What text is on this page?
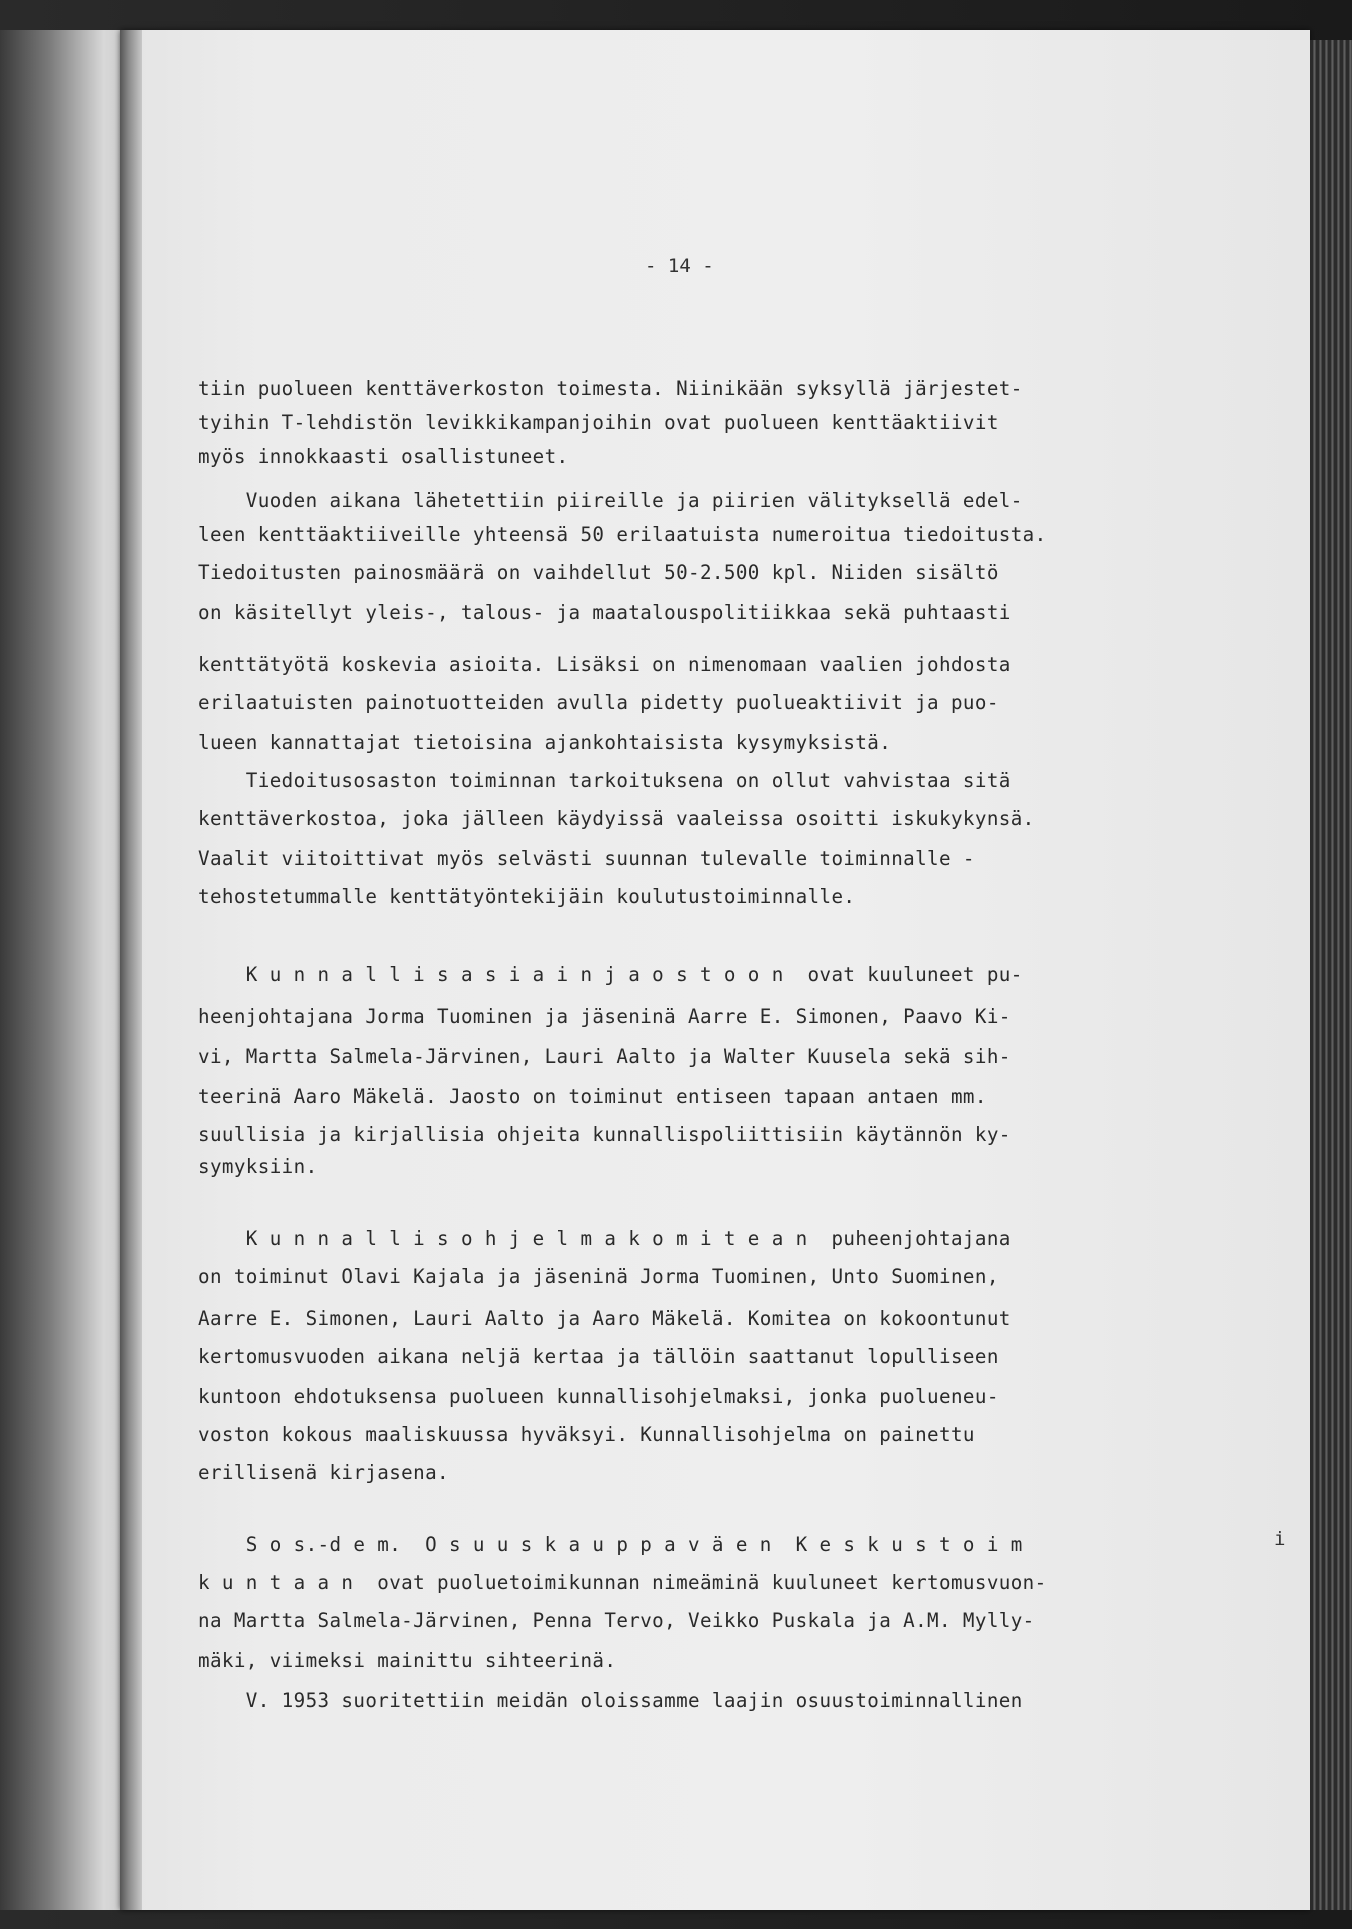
- 14 -
tiin puolueen kenttäverkoston toimesta. Niinikään syksyllä järjestet-
tyihin T-lehdistön levikkikampanjoihin ovat puolueen kenttäaktiivit
myös innokkaasti osallistuneet.
Vuoden aikana lähetettiin piireille ja piirien välityksellä edel-
leen kenttäaktiiveille yhteensä 50 erilaatuista numeroitua tiedoitusta.
Tiedoitusten painosmäärä on vaihdellut 50-2.500 kpl. Niiden sisältö
on käsitellyt yleis-, talous- ja maatalouspolitiikkaa sekä puhtaasti
kenttätyötä koskevia asioita. Lisäksi on nimenomaan vaalien johdosta
erilaatuisten painotuotteiden avulla pidetty puolueaktiivit ja puo-
lueen kannattajat tietoisina ajankohtaisista kysymyksistä.
Tiedoitusosaston toiminnan tarkoituksena on ollut vahvistaa sitä
kenttäverkostoa, joka jälleen käydyissä vaaleissa osoitti iskukykynsä.
Vaalit viitoittivat myös selvästi suunnan tulevalle toiminnalle -
tehostetummalle kenttätyöntekijäin koulutustoiminnalle.
K u n n a l l i s a s i a i n j a o s t o o n  ovat kuuluneet pu-
heenjohtajana Jorma Tuominen ja jäseninä Aarre E. Simonen, Paavo Ki-
vi, Martta Salmela-Järvinen, Lauri Aalto ja Walter Kuusela sekä sih-
teerinä Aaro Mäkelä. Jaosto on toiminut entiseen tapaan antaen mm.
suullisia ja kirjallisia ohjeita kunnallispoliittisiin käytännön ky-
symyksiin.
K u n n a l l i s o h j e l m a k o m i t e a n  puheenjohtajana
on toiminut Olavi Kajala ja jäseninä Jorma Tuominen, Unto Suominen,
Aarre E. Simonen, Lauri Aalto ja Aaro Mäkelä. Komitea on kokoontunut
kertomusvuoden aikana neljä kertaa ja tällöin saattanut lopulliseen
kuntoon ehdotuksensa puolueen kunnallisohjelmaksi, jonka puolueneu-
voston kokous maaliskuussa hyväksyi. Kunnallisohjelma on painettu
erillisenä kirjasena.
S o s.-d e m.  O s u u s k a u p p a v ä e n  K e s k u s t o i m
k u n t a a n  ovat puoluetoimikunnan nimeäminä kuuluneet kertomusvuon-
na Martta Salmela-Järvinen, Penna Tervo, Veikko Puskala ja A.M. Mylly-
mäki, viimeksi mainittu sihteerinä.
V. 1953 suoritettiin meidän oloissamme laajin osuustoiminnallinen
i
